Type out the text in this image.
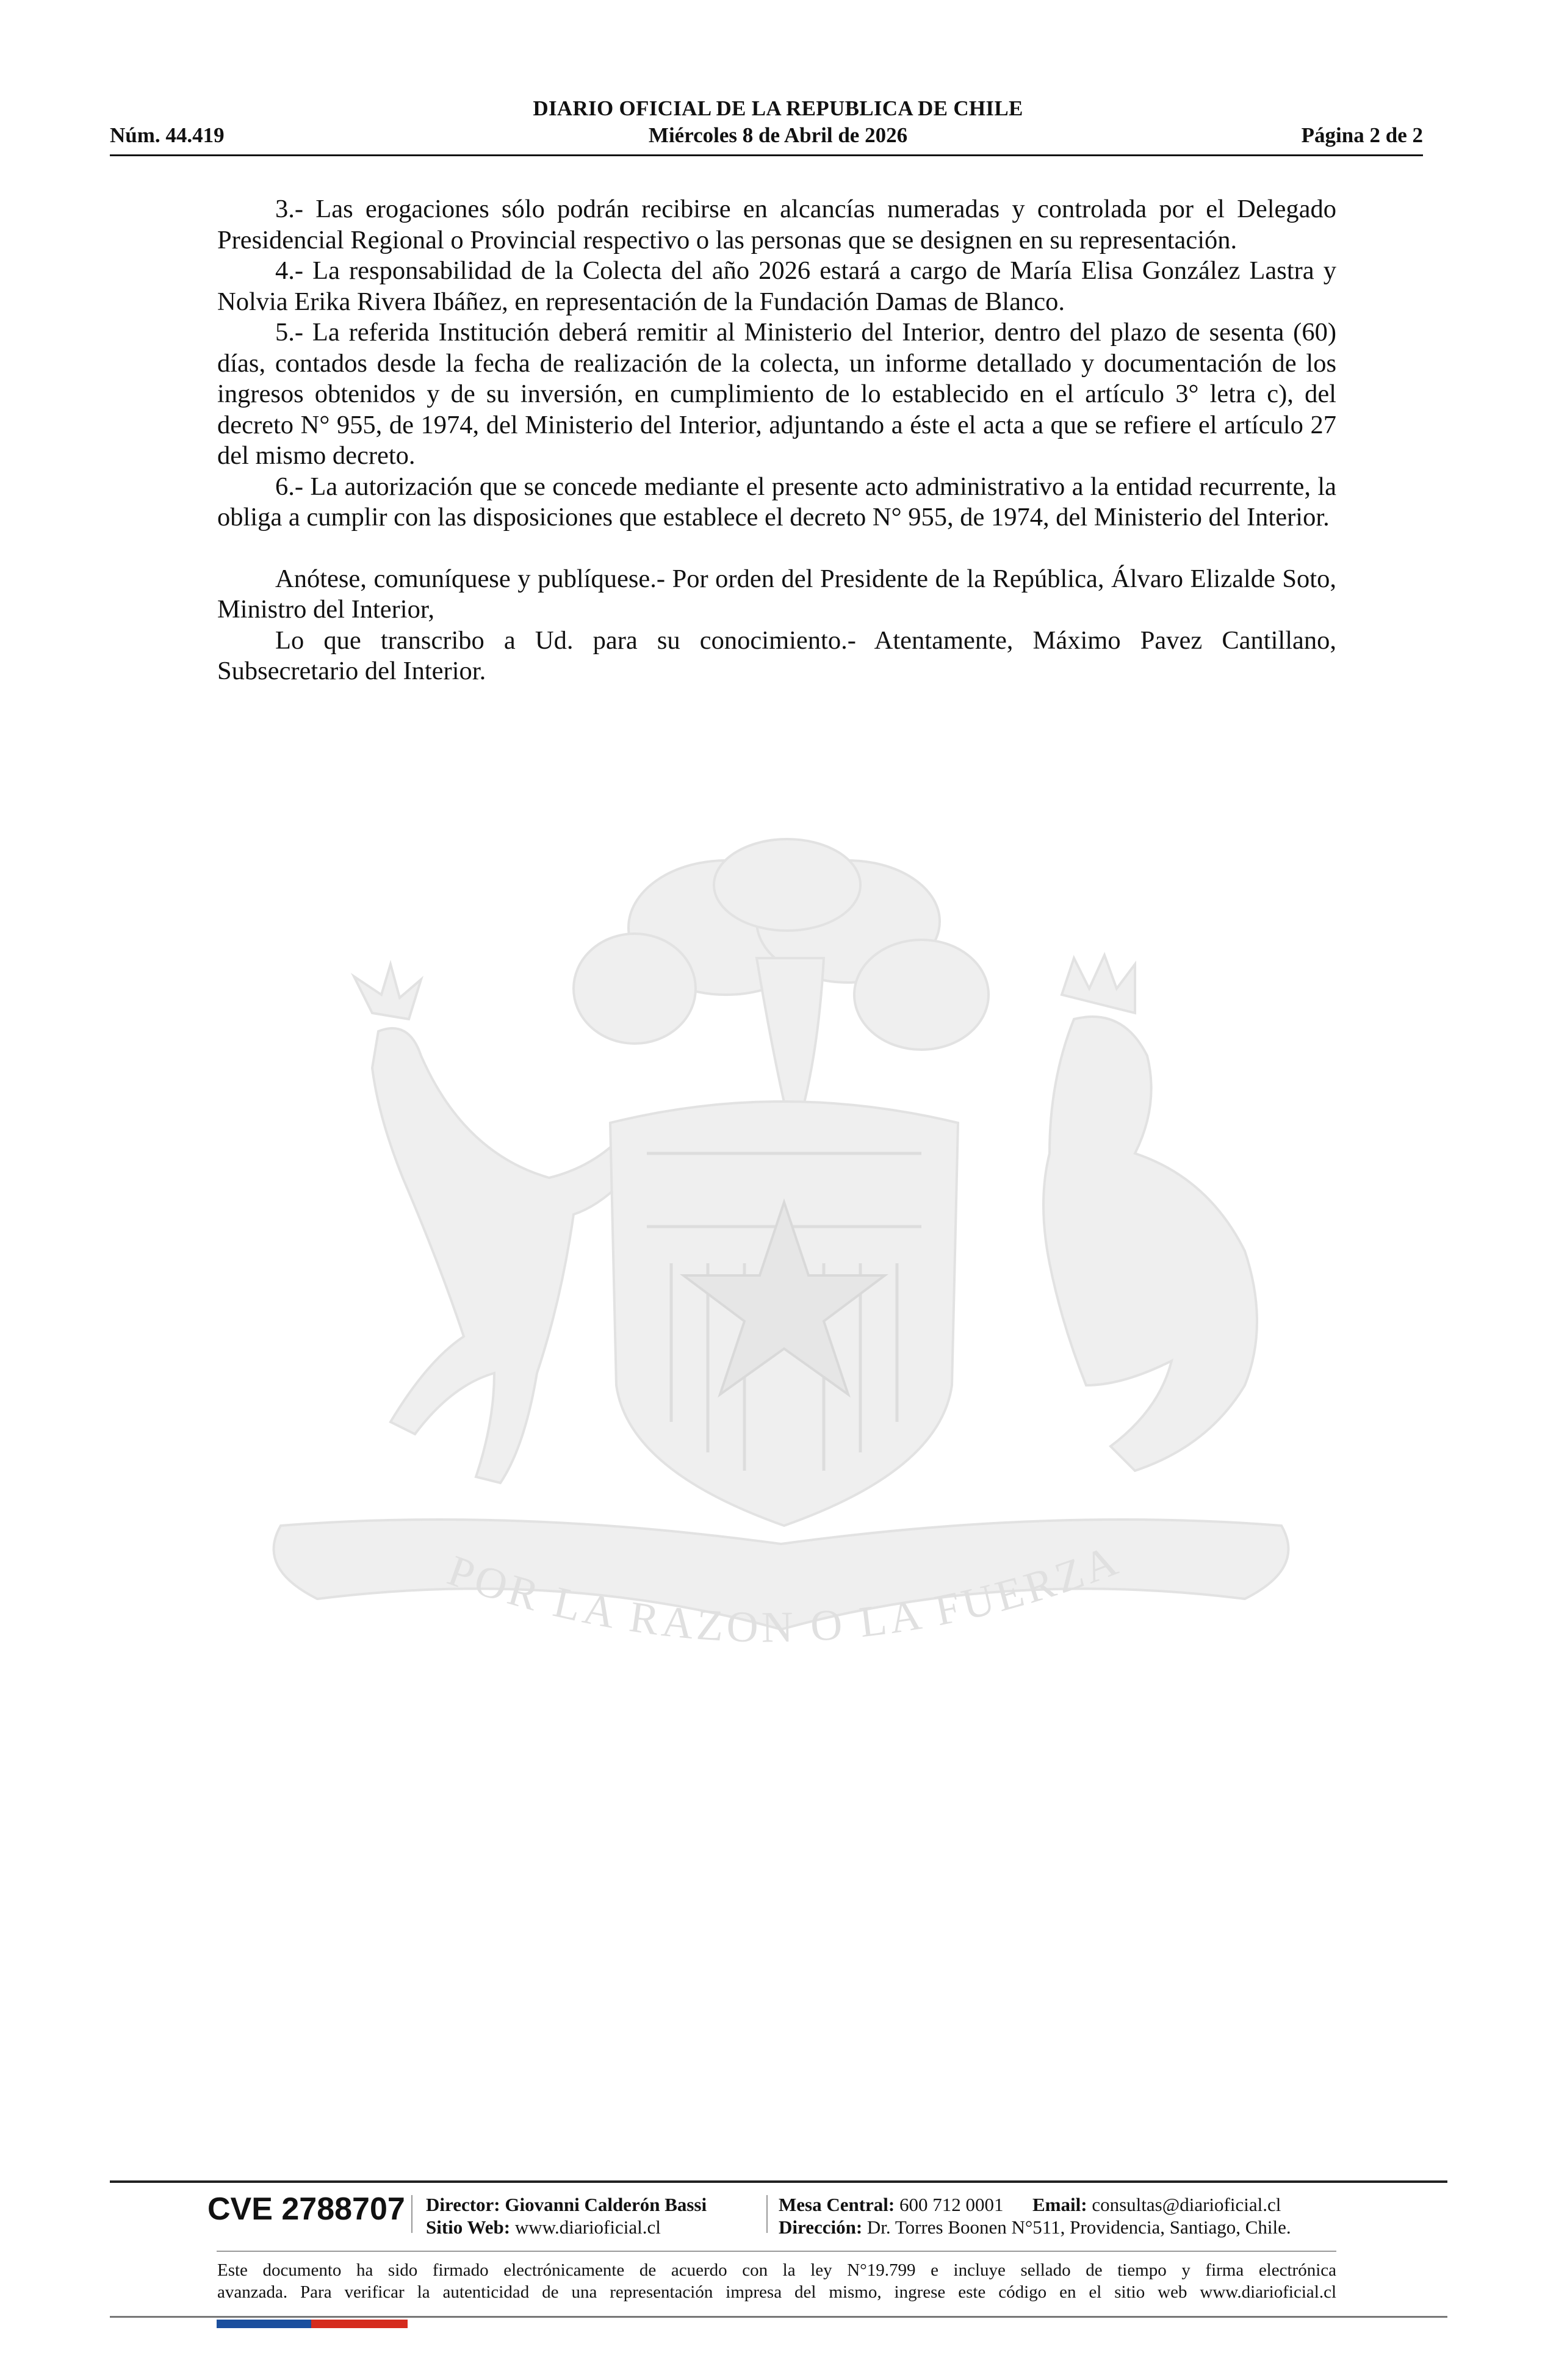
DIARIO OFICIAL DE LA REPUBLICA DE CHILE
Miércoles 8 de Abril de 2026
Núm. 44.419	Página 2 de 2

3.- Las erogaciones sólo podrán recibirse en alcancías numeradas y controlada por el Delegado Presidencial Regional o Provincial respectivo o las personas que se designen en su representación.

4.- La responsabilidad de la Colecta del año 2026 estará a cargo de María Elisa González Lastra y Nolvia Erika Rivera Ibáñez, en representación de la Fundación Damas de Blanco.

5.- La referida Institución deberá remitir al Ministerio del Interior, dentro del plazo de sesenta (60) días, contados desde la fecha de realización de la colecta, un informe detallado y documentación de los ingresos obtenidos y de su inversión, en cumplimiento de lo establecido en el artículo 3° letra c), del decreto N° 955, de 1974, del Ministerio del Interior, adjuntando a éste el acta a que se refiere el artículo 27 del mismo decreto.

6.- La autorización que se concede mediante el presente acto administrativo a la entidad recurrente, la obliga a cumplir con las disposiciones que establece el decreto N° 955, de 1974, del Ministerio del Interior.

Anótese, comuníquese y publíquese.- Por orden del Presidente de la República, Álvaro Elizalde Soto, Ministro del Interior,

Lo que transcribo a Ud. para su conocimiento.- Atentamente, Máximo Pavez Cantillano, Subsecretario del Interior.

POR LA RAZON O LA FUERZA
CVE 2788707 Director: Giovanni Calderón Bassi
Sitio Web: www.diarioficial.cl
Mesa Central: 600 712 0001 Email: consultas@diarioficial.cl
Dirección: Dr. Torres Boonen N°511, Providencia, Santiago, Chile.
Este documento ha sido firmado electrónicamente de acuerdo con la ley N°19.799 e incluye sellado de tiempo y firma electrónica
avanzada. Para verificar la autenticidad de una representación impresa del mismo, ingrese este código en el sitio web www.diarioficial.cl
